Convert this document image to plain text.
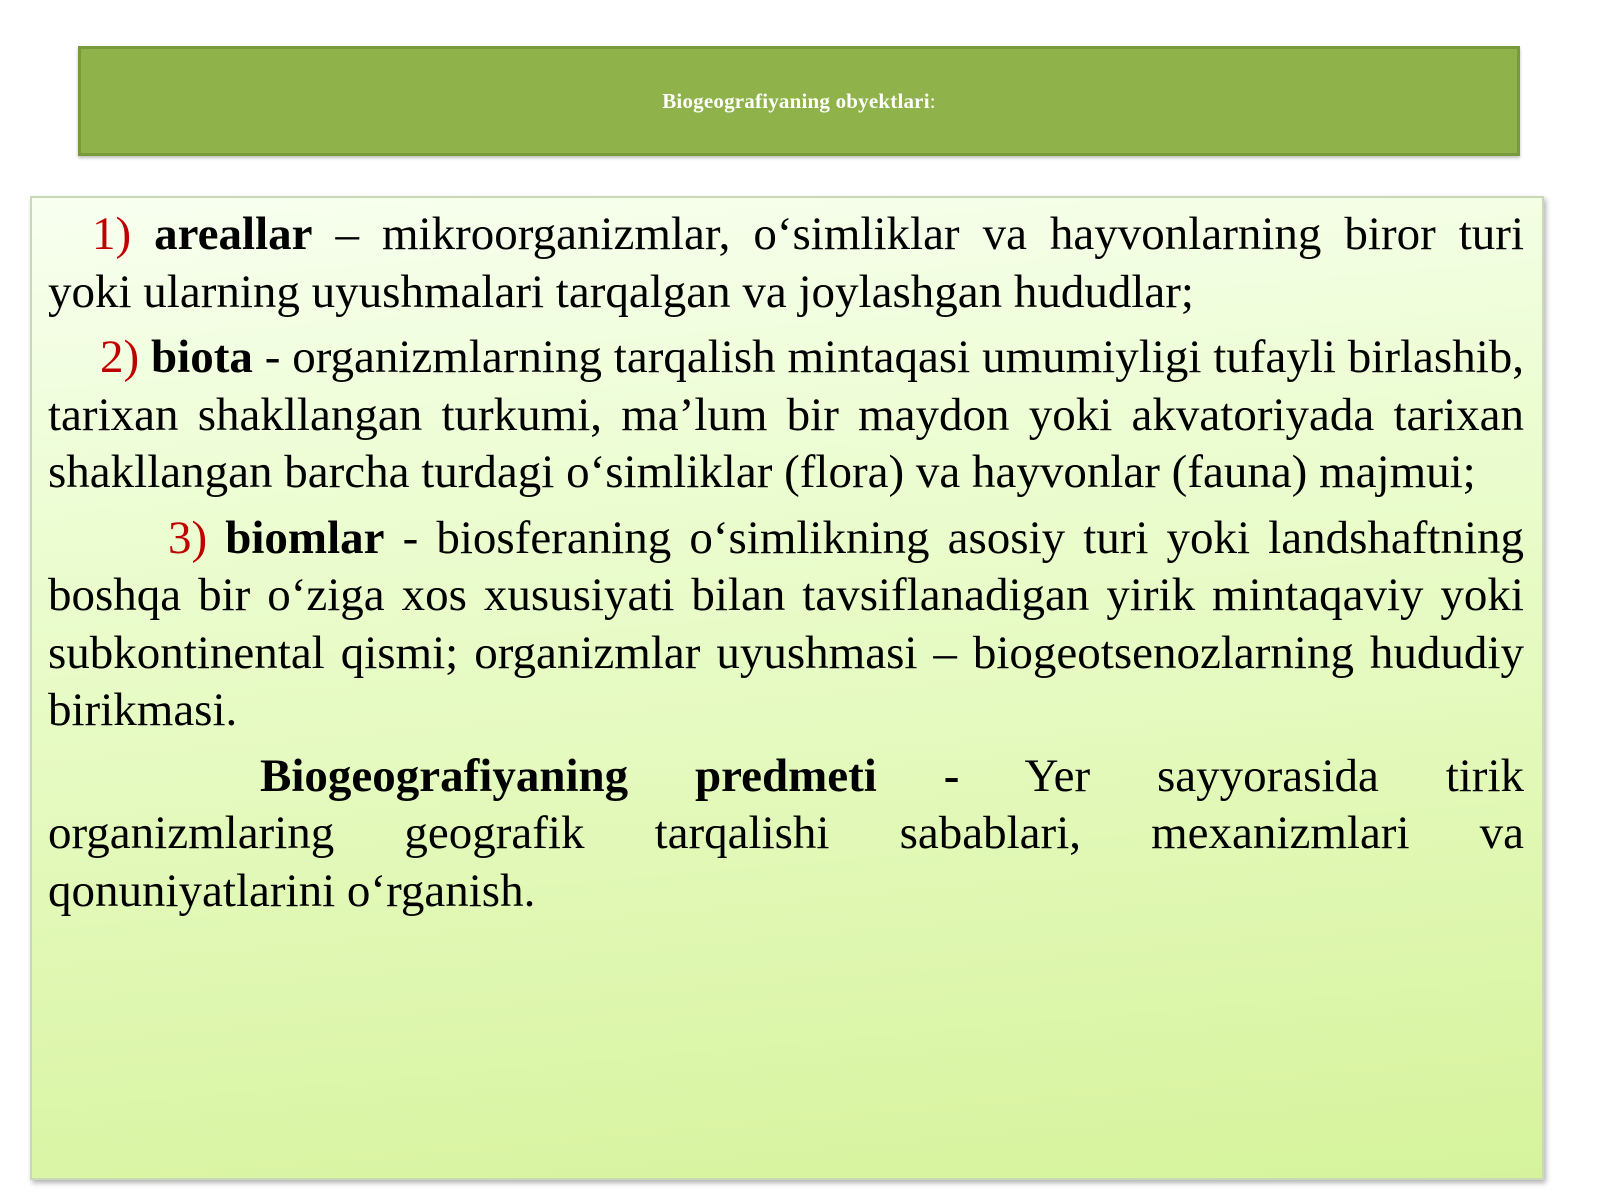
Biogeografiyaning obyektlari:

1) areallar – mikroorganizmlar, o‘simliklar va hayvonlarning biror turi yoki ularning uyushmalari tarqalgan va joylashgan hududlar;

2) biota - organizmlarning tarqalish mintaqasi umumiyligi tufayli birlashib, tarixan shakllangan turkumi, ma’lum bir maydon yoki akvatoriyada tarixan shakllangan barcha turdagi o‘simliklar (flora) va hayvonlar (fauna) majmui;

3) biomlar - biosferaning o‘simlikning asosiy turi yoki landshaftning boshqa bir o‘ziga xos xususiyati bilan tavsiflanadigan yirik mintaqaviy yoki subkontinental qismi; organizmlar uyushmasi – biogeotsenozlarning hududiy birikmasi.

Biogeografiyaning predmeti - Yer sayyorasida tirik organizmlaring geografik tarqalishi sabablari, mexanizmlari va qonuniyatlarini o‘rganish.
